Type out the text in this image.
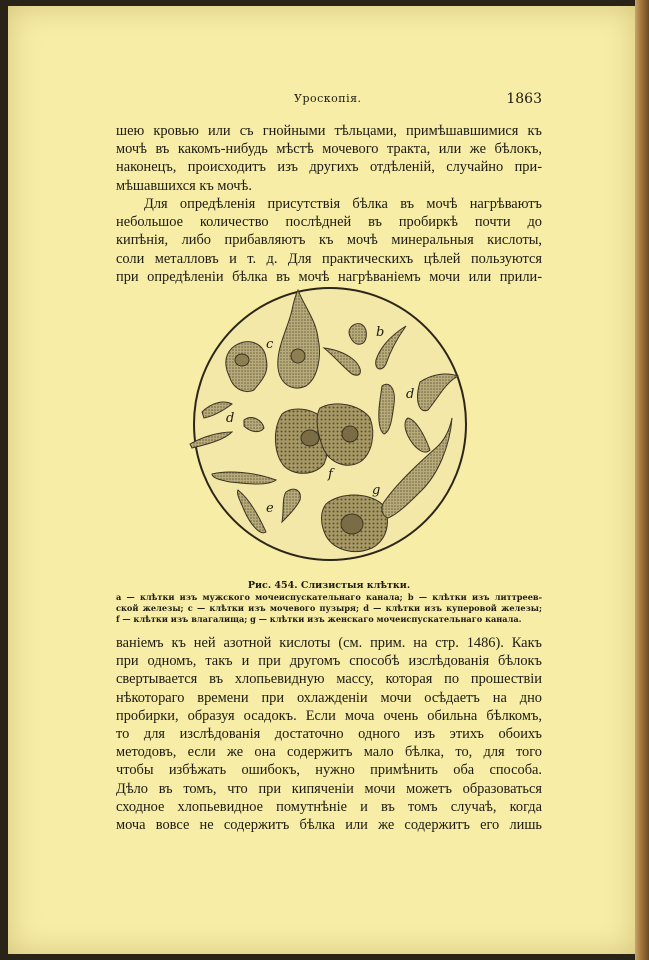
Уроскопія.	1863
шею кровью или съ гнойными тѣльцами, примѣшавшимися къ
мочѣ въ какомъ-нибудь мѣстѣ мочевого тракта, или же бѣлокъ,
наконецъ, происходитъ изъ другихъ отдѣленій, случайно при-
мѣшавшихся къ мочѣ.
Для опредѣленія присутствія бѣлка въ мочѣ нагрѣваютъ
небольшое количество послѣдней въ пробиркѣ почти до
кипѣнія, либо прибавляютъ къ мочѣ минеральныя кислоты,
соли металловъ и т. д. Для практическихъ цѣлей пользуются
при опредѣленіи бѣлка въ мочѣ нагрѣваніемъ мочи или прили-
c
b
d
d
f
g
e
Рис. 454. Слизистыя клѣтки.
a — клѣтки изъ мужского мочеиспускательнаго канала; b — клѣтки изъ литтреев-
ской железы; c — клѣтки изъ мочевого пузыря; d — клѣтки изъ куперовой железы;
f — клѣтки изъ влагалища; g — клѣтки изъ женскаго мочеиспускательнаго канала.
ваніемъ къ ней азотной кислоты (см. прим. на стр. 1486). Какъ
при одномъ, такъ и при другомъ способѣ изслѣдованія бѣлокъ
свертывается въ хлопьевидную массу, которая по прошествіи
нѣкотораго времени при охлажденіи мочи осѣдаетъ на дно
пробирки, образуя осадокъ. Если моча очень обильна бѣлкомъ,
то для изслѣдованія достаточно одного изъ этихъ обоихъ
методовъ, если же она содержитъ мало бѣлка, то, для того
чтобы избѣжать ошибокъ, нужно примѣнить оба способа.
Дѣло въ томъ, что при кипяченіи мочи можетъ образоваться
сходное хлопьевидное помутнѣніе и въ томъ случаѣ, когда
моча вовсе не содержитъ бѣлка или же содержитъ его лишь
